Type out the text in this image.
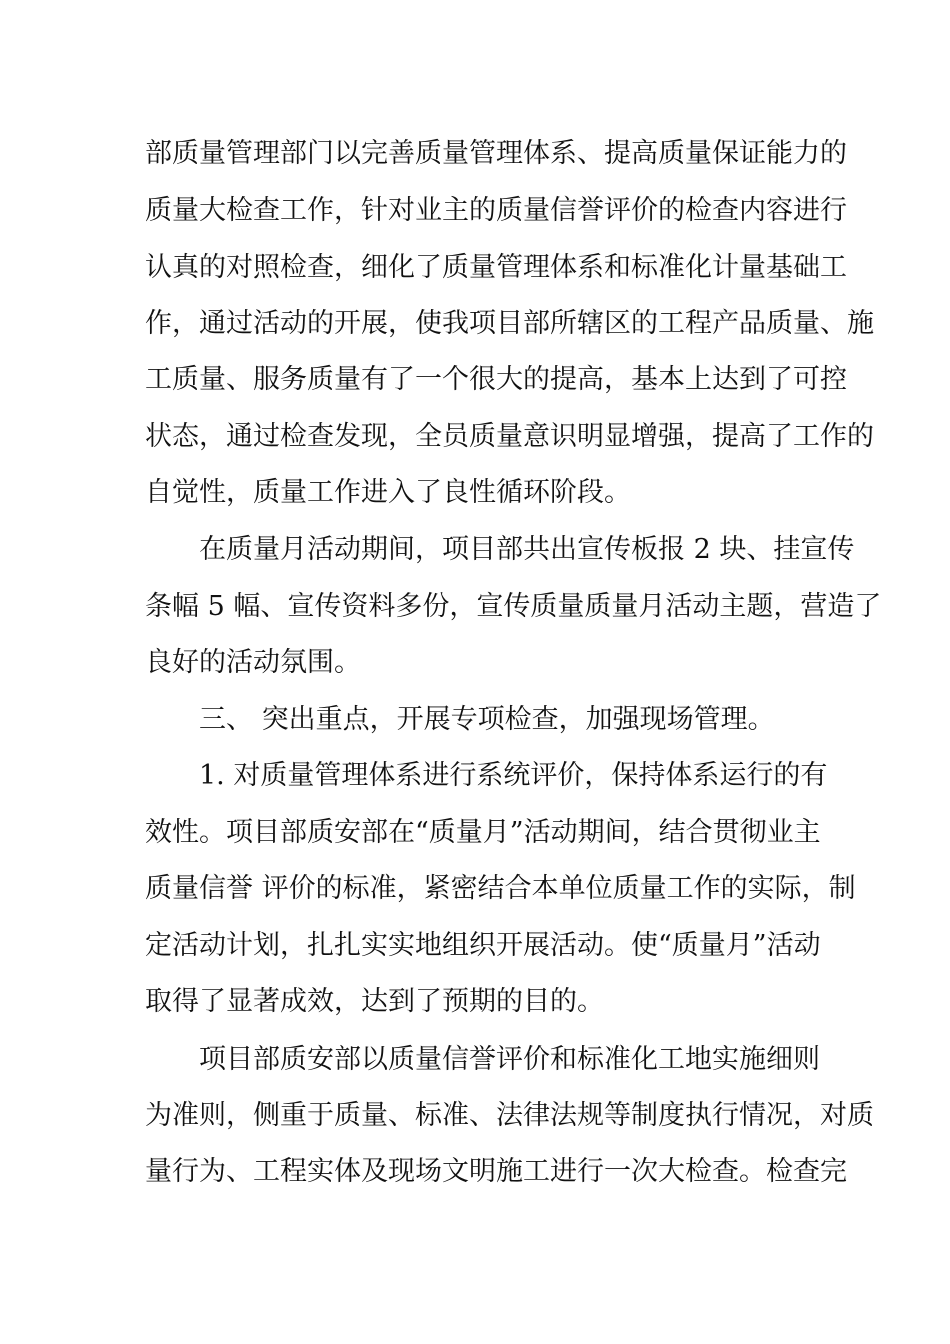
部质量管理部门以完善质量管理体系、提高质量保证能力的
质量大检查工作，针对业主的质量信誉评价的检查内容进行
认真的对照检查，细化了质量管理体系和标准化计量基础工
作，通过活动的开展，使我项目部所辖区的工程产品质量、施
工质量、服务质量有了一个很大的提高，基本上达到了可控
状态，通过检查发现，全员质量意识明显增强，提高了工作的
自觉性，质量工作进入了良性循环阶段。
在质量月活动期间，项目部共出宣传板报 2 块、挂宣传
条幅 5 幅、宣传资料多份，宣传质量质量月活动主题，营造了
良好的活动氛围。
三、 突出重点，开展专项检查，加强现场管理。
1. 对质量管理体系进行系统评价，保持体系运行的有
效性。项目部质安部在“质量月”活动期间，结合贯彻业主
质量信誉 评价的标准，紧密结合本单位质量工作的实际，制
定活动计划，扎扎实实地组织开展活动。使“质量月”活动
取得了显著成效，达到了预期的目的。
项目部质安部以质量信誉评价和标准化工地实施细则
为准则，侧重于质量、标准、法律法规等制度执行情况，对质
量行为、工程实体及现场文明施工进行一次大检查。检查完
